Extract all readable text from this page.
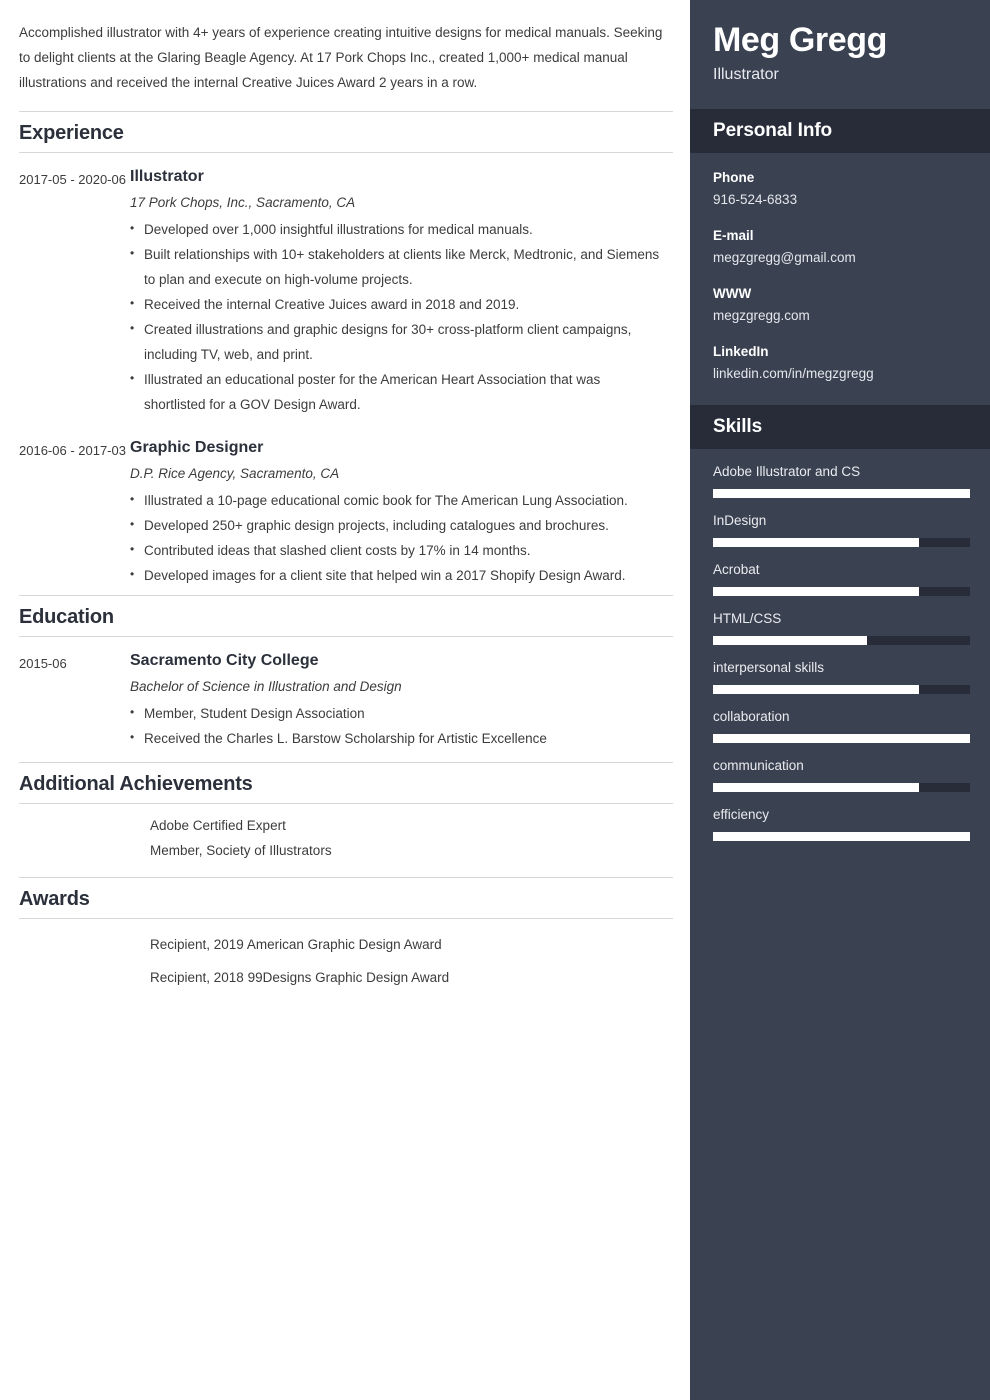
Accomplished illustrator with 4+ years of experience creating intuitive designs for medical manuals. Seeking to delight clients at the Glaring Beagle Agency. At 17 Pork Chops Inc., created 1,000+ medical manual illustrations and received the internal Creative Juices Award 2 years in a row.

Experience
2017-05 - 2020-06 Illustrator
17 Pork Chops, Inc., Sacramento, CA
• Developed over 1,000 insightful illustrations for medical manuals.
• Built relationships with 10+ stakeholders at clients like Merck, Medtronic, and Siemens to plan and execute on high-volume projects.
• Received the internal Creative Juices award in 2018 and 2019.
• Created illustrations and graphic designs for 30+ cross-platform client campaigns, including TV, web, and print.
• Illustrated an educational poster for the American Heart Association that was shortlisted for a GOV Design Award.
2016-06 - 2017-03 Graphic Designer
D.P. Rice Agency, Sacramento, CA
• Illustrated a 10-page educational comic book for The American Lung Association.
• Developed 250+ graphic design projects, including catalogues and brochures.
• Contributed ideas that slashed client costs by 17% in 14 months.
• Developed images for a client site that helped win a 2017 Shopify Design Award.
Education
2015-06	Sacramento City College
Bachelor of Science in Illustration and Design
• Member, Student Design Association
• Received the Charles L. Barstow Scholarship for Artistic Excellence
Additional Achievements
Adobe Certified Expert
Member, Society of Illustrators
Awards
Recipient, 2019 American Graphic Design Award
Recipient, 2018 99Designs Graphic Design Award
Meg Gregg
Illustrator
Personal Info
Phone
916-524-6833
E-mail
megzgregg@gmail.com
WWW
megzgregg.com
LinkedIn
linkedin.com/in/megzgregg
Skills
Adobe Illustrator and CS
InDesign
Acrobat
HTML/CSS
interpersonal skills
collaboration
communication
efficiency
